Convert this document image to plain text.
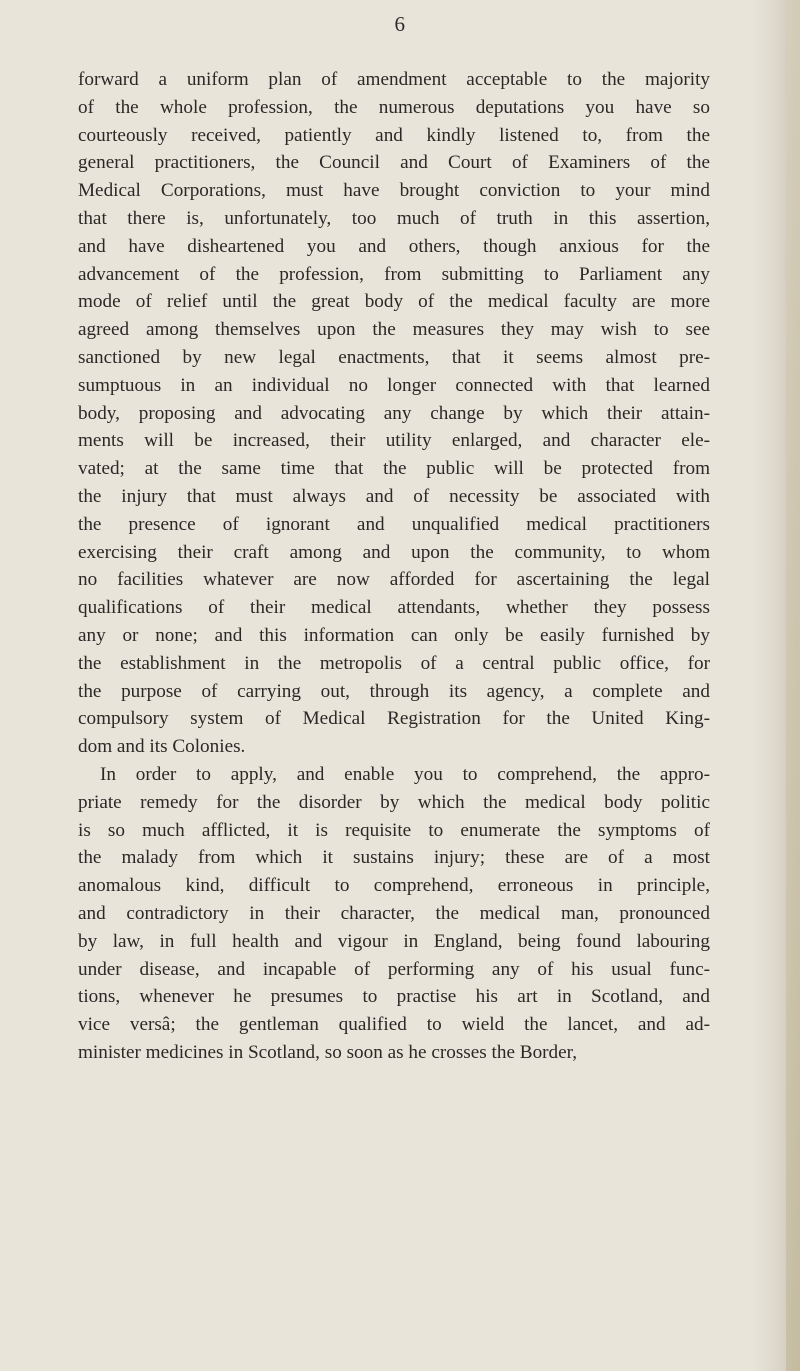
6

forward a uniform plan of amendment acceptable to the majority
of the whole profession, the numerous deputations you have so
courteously received, patiently and kindly listened to, from the
general practitioners, the Council and Court of Examiners of the
Medical Corporations, must have brought conviction to your mind
that there is, unfortunately, too much of truth in this assertion,
and have disheartened you and others, though anxious for the
advancement of the profession, from submitting to Parliament any
mode of relief until the great body of the medical faculty are more
agreed among themselves upon the measures they may wish to see
sanctioned by new legal enactments, that it seems almost pre-
sumptuous in an individual no longer connected with that learned
body, proposing and advocating any change by which their attain-
ments will be increased, their utility enlarged, and character ele-
vated; at the same time that the public will be protected from
the injury that must always and of necessity be associated with
the presence of ignorant and unqualified medical practitioners
exercising their craft among and upon the community, to whom
no facilities whatever are now afforded for ascertaining the legal
qualifications of their medical attendants, whether they possess
any or none; and this information can only be easily furnished by
the establishment in the metropolis of a central public office, for
the purpose of carrying out, through its agency, a complete and
compulsory system of Medical Registration for the United King-
dom and its Colonies.

In order to apply, and enable you to comprehend, the appro-
priate remedy for the disorder by which the medical body politic
is so much afflicted, it is requisite to enumerate the symptoms of
the malady from which it sustains injury; these are of a most
anomalous kind, difficult to comprehend, erroneous in principle,
and contradictory in their character, the medical man, pronounced
by law, in full health and vigour in England, being found labouring
under disease, and incapable of performing any of his usual func-
tions, whenever he presumes to practise his art in Scotland, and
vice versâ; the gentleman qualified to wield the lancet, and ad-
minister medicines in Scotland, so soon as he crosses the Border,
